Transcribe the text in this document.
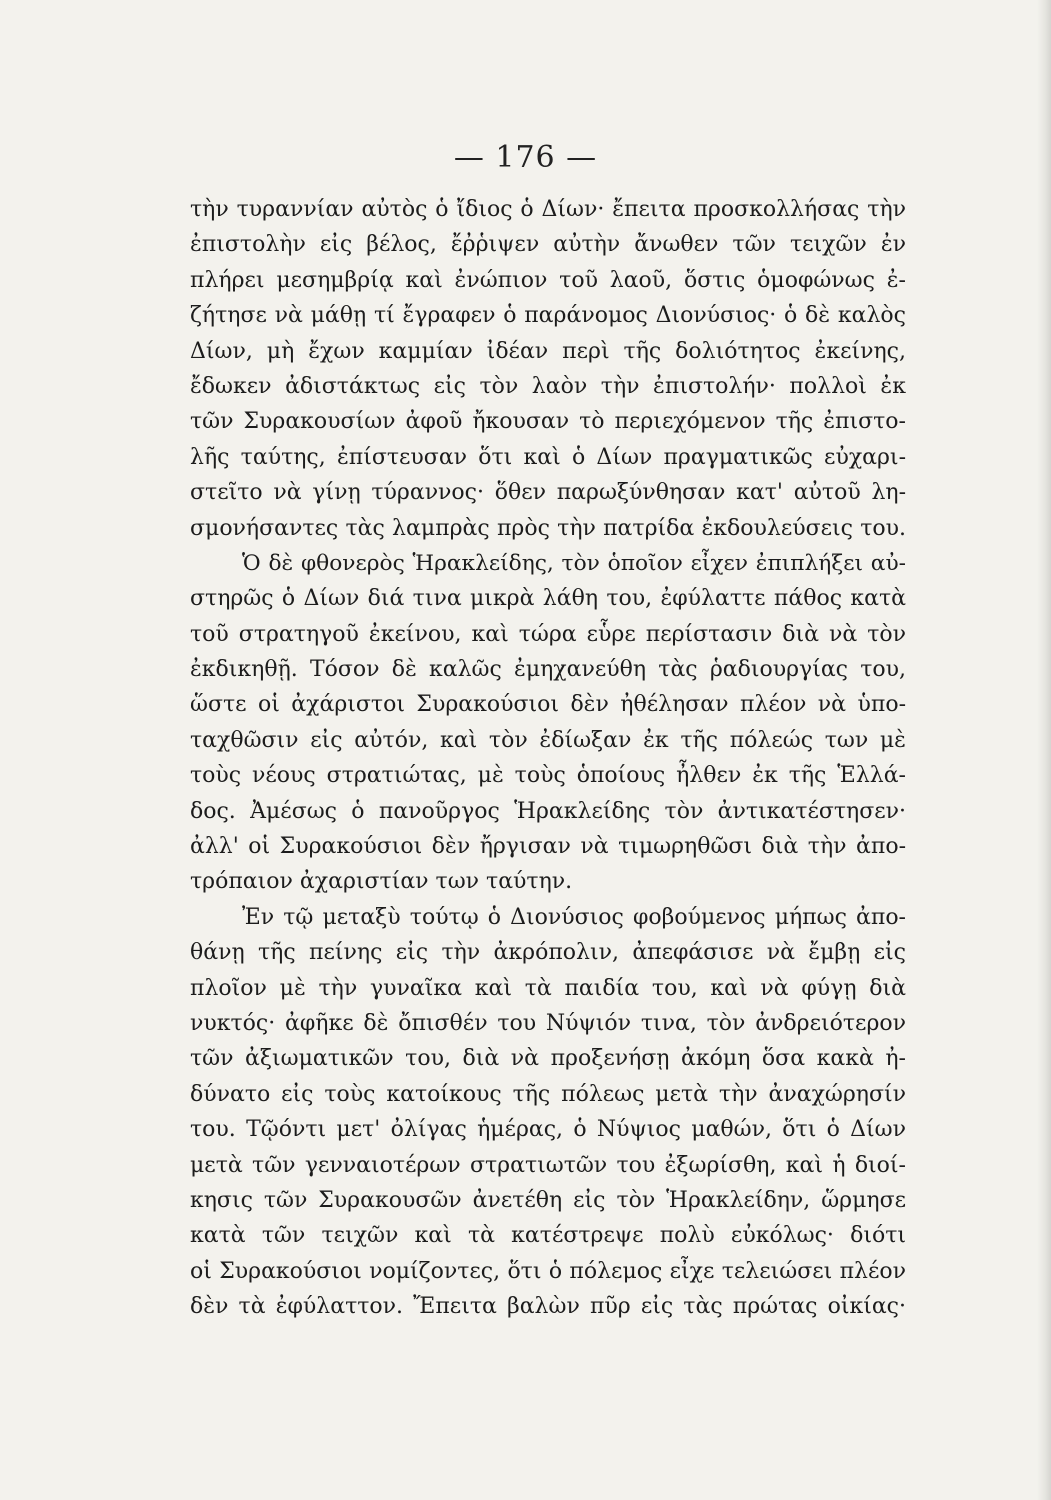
— 176 —
τὴν τυραννίαν αὐτὸς ὁ ἴδιος ὁ Δίων· ἔπειτα προσκολλήσας τὴν
ἐπιστολὴν εἰς βέλος, ἔῤῥιψεν αὐτὴν ἄνωθεν τῶν τειχῶν ἐν
πλήρει μεσημβρίᾳ καὶ ἐνώπιον τοῦ λαοῦ, ὅστις ὁμοφώνως ἐ-
ζήτησε νὰ μάθῃ τί ἔγραφεν ὁ παράνομος Διονύσιος· ὁ δὲ καλὸς
Δίων, μὴ ἔχων καμμίαν ἰδέαν περὶ τῆς δολιότητος ἐκείνης,
ἔδωκεν ἀδιστάκτως εἰς τὸν λαὸν τὴν ἐπιστολήν· πολλοὶ ἐκ
τῶν Συρακουσίων ἀφοῦ ἤκουσαν τὸ περιεχόμενον τῆς ἐπιστο-
λῆς ταύτης, ἐπίστευσαν ὅτι καὶ ὁ Δίων πραγματικῶς εὐχαρι-
στεῖτο νὰ γίνῃ τύραννος· ὅθεν παρωξύνθησαν κατ' αὐτοῦ λη-
σμονήσαντες τὰς λαμπρὰς πρὸς τὴν πατρίδα ἐκδουλεύσεις του.
Ὁ δὲ φθονερὸς Ἡρακλείδης, τὸν ὁποῖον εἶχεν ἐπιπλήξει αὐ-
στηρῶς ὁ Δίων διά τινα μικρὰ λάθη του, ἐφύλαττε πάθος κατὰ
τοῦ στρατηγοῦ ἐκείνου, καὶ τώρα εὗρε περίστασιν διὰ νὰ τὸν
ἐκδικηθῇ. Τόσον δὲ καλῶς ἐμηχανεύθη τὰς ῥαδιουργίας του,
ὥστε οἱ ἀχάριστοι Συρακούσιοι δὲν ἠθέλησαν πλέον νὰ ὑπο-
ταχθῶσιν εἰς αὐτόν, καὶ τὸν ἐδίωξαν ἐκ τῆς πόλεώς των μὲ
τοὺς νέους στρατιώτας, μὲ τοὺς ὁποίους ἦλθεν ἐκ τῆς Ἑλλά-
δος. Ἀμέσως ὁ πανοῦργος Ἡρακλείδης τὸν ἀντικατέστησεν·
ἀλλ' οἱ Συρακούσιοι δὲν ἤργισαν νὰ τιμωρηθῶσι διὰ τὴν ἀπο-
τρόπαιον ἀχαριστίαν των ταύτην.
Ἐν τῷ μεταξὺ τούτῳ ὁ Διονύσιος φοβούμενος μήπως ἀπο-
θάνῃ τῆς πείνης εἰς τὴν ἀκρόπολιν, ἀπεφάσισε νὰ ἔμβῃ εἰς
πλοῖον μὲ τὴν γυναῖκα καὶ τὰ παιδία του, καὶ νὰ φύγῃ διὰ
νυκτός· ἀφῆκε δὲ ὄπισθέν του Νύψιόν τινα, τὸν ἀνδρειότερον
τῶν ἀξιωματικῶν του, διὰ νὰ προξενήσῃ ἀκόμη ὅσα κακὰ ἠ-
δύνατο εἰς τοὺς κατοίκους τῆς πόλεως μετὰ τὴν ἀναχώρησίν
του. Τῷόντι μετ' ὀλίγας ἡμέρας, ὁ Νύψιος μαθών, ὅτι ὁ Δίων
μετὰ τῶν γενναιοτέρων στρατιωτῶν του ἐξωρίσθη, καὶ ἡ διοί-
κησις τῶν Συρακουσῶν ἀνετέθη εἰς τὸν Ἡρακλείδην, ὥρμησε
κατὰ τῶν τειχῶν καὶ τὰ κατέστρεψε πολὺ εὐκόλως· διότι
οἱ Συρακούσιοι νομίζοντες, ὅτι ὁ πόλεμος εἶχε τελειώσει πλέον
δὲν τὰ ἐφύλαττον. Ἔπειτα βαλὼν πῦρ εἰς τὰς πρώτας οἰκίας·
